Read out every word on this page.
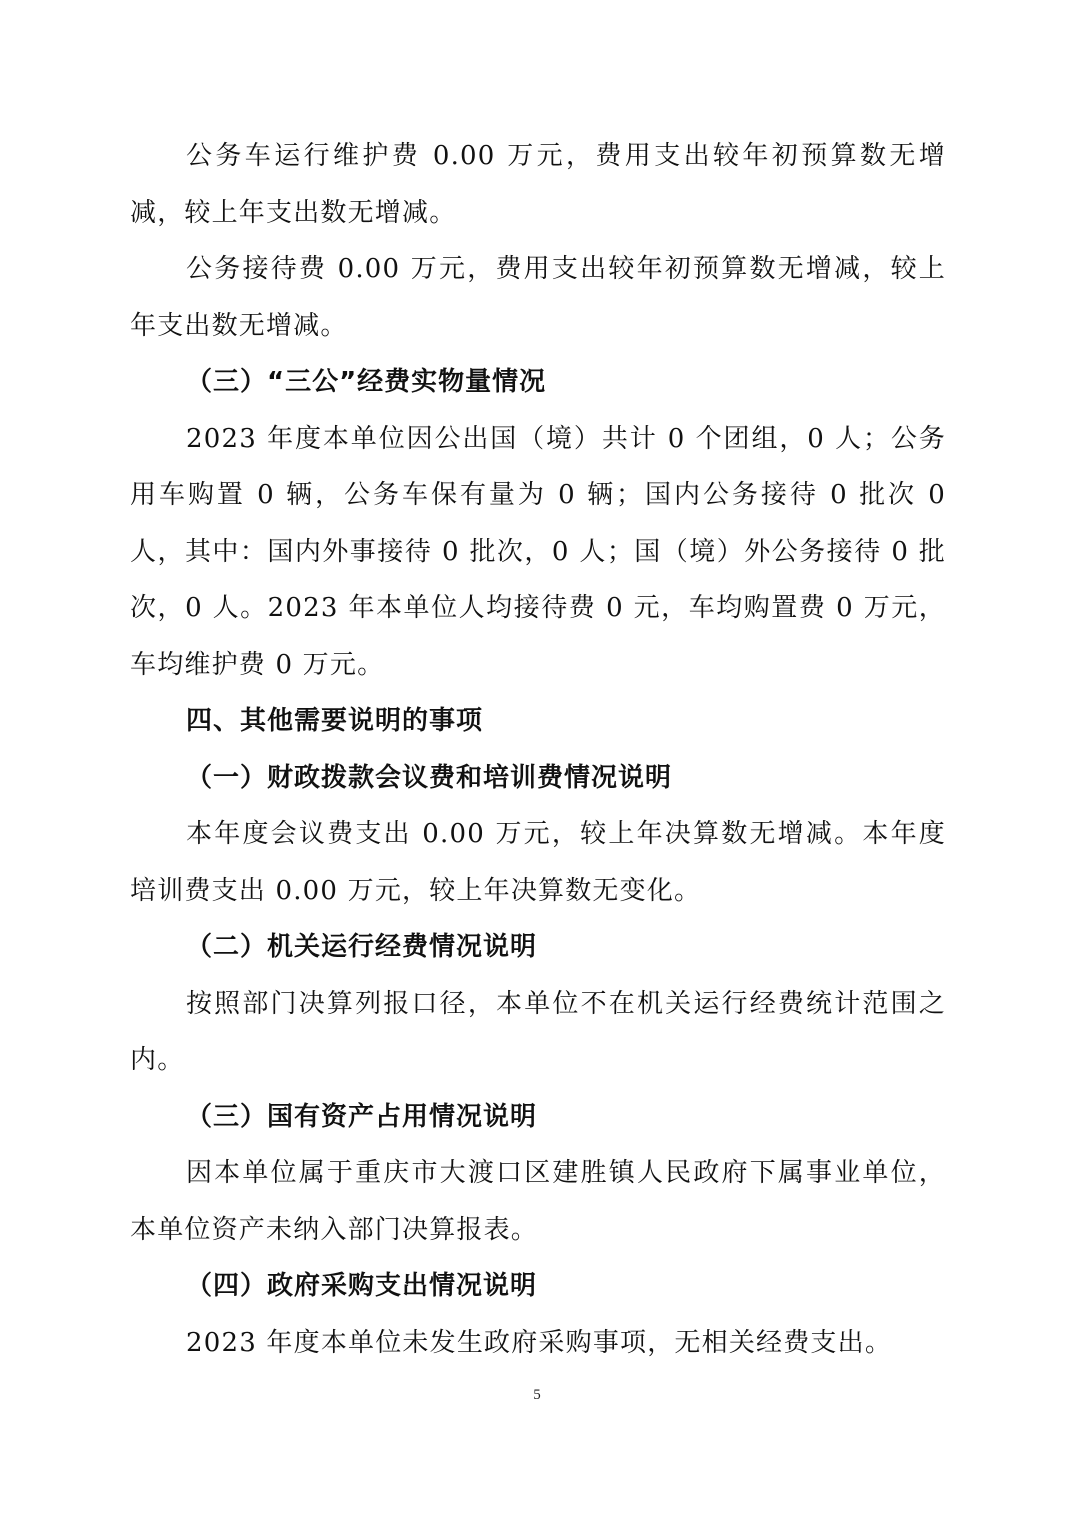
公务车运行维护费 0.00 万元，费用支出较年初预算数无增减，较上年支出数无增减。

公务接待费 0.00 万元，费用支出较年初预算数无增减，较上年支出数无增减。

（三）“三公”经费实物量情况

2023 年度本单位因公出国（境）共计 0 个团组，0 人；公务用车购置 0 辆，公务车保有量为 0 辆；国内公务接待 0 批次 0 人，其中：国内外事接待 0 批次，0 人；国（境）外公务接待 0 批次，0 人。2023 年本单位人均接待费 0 元，车均购置费 0 万元，车均维护费 0 万元。

四、其他需要说明的事项

（一）财政拨款会议费和培训费情况说明

本年度会议费支出 0.00 万元，较上年决算数无增减。本年度培训费支出 0.00 万元，较上年决算数无变化。

（二）机关运行经费情况说明

按照部门决算列报口径，本单位不在机关运行经费统计范围之内。

（三）国有资产占用情况说明

因本单位属于重庆市大渡口区建胜镇人民政府下属事业单位，本单位资产未纳入部门决算报表。

（四）政府采购支出情况说明

2023 年度本单位未发生政府采购事项，无相关经费支出。

5
